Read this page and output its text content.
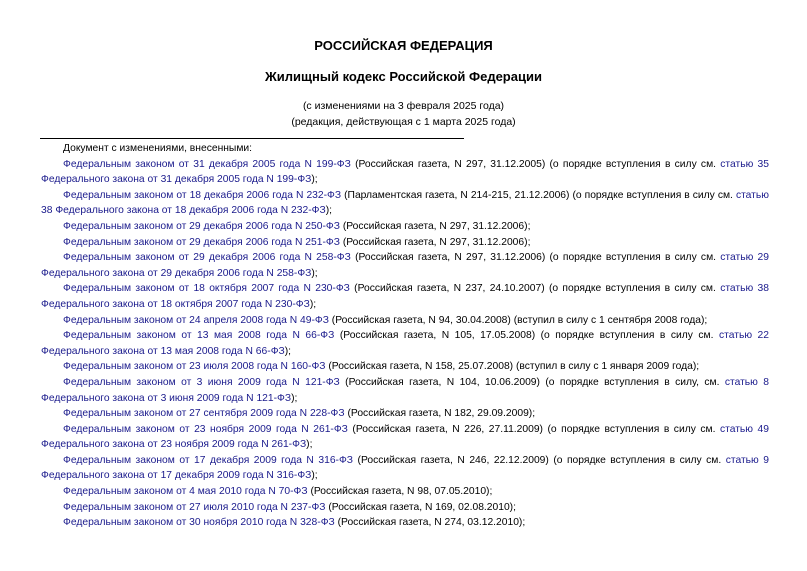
РОССИЙСКАЯ ФЕДЕРАЦИЯ
Жилищный кодекс Российской Федерации
(с изменениями на 3 февраля 2025 года)
(редакция, действующая с 1 марта 2025 года)

Документ с изменениями, внесенными:

Федеральным законом от 31 декабря 2005 года N 199-ФЗ (Российская газета, N 297, 31.12.2005) (о порядке вступления в силу см. статью 35 Федерального закона от 31 декабря 2005 года N 199-ФЗ);

Федеральным законом от 18 декабря 2006 года N 232-ФЗ (Парламентская газета, N 214-215, 21.12.2006) (о порядке вступления в силу см. статью 38 Федерального закона от 18 декабря 2006 года N 232-ФЗ);

Федеральным законом от 29 декабря 2006 года N 250-ФЗ (Российская газета, N 297, 31.12.2006);

Федеральным законом от 29 декабря 2006 года N 251-ФЗ (Российская газета, N 297, 31.12.2006);

Федеральным законом от 29 декабря 2006 года N 258-ФЗ (Российская газета, N 297, 31.12.2006) (о порядке вступления в силу см. статью 29 Федерального закона от 29 декабря 2006 года N 258-ФЗ);

Федеральным законом от 18 октября 2007 года N 230-ФЗ (Российская газета, N 237, 24.10.2007) (о порядке вступления в силу см. статью 38 Федерального закона от 18 октября 2007 года N 230-ФЗ);

Федеральным законом от 24 апреля 2008 года N 49-ФЗ (Российская газета, N 94, 30.04.2008) (вступил в силу с 1 сентября 2008 года);

Федеральным законом от 13 мая 2008 года N 66-ФЗ (Российская газета, N 105, 17.05.2008) (о порядке вступления в силу см. статью 22 Федерального закона от 13 мая 2008 года N 66-ФЗ);

Федеральным законом от 23 июля 2008 года N 160-ФЗ (Российская газета, N 158, 25.07.2008) (вступил в силу с 1 января 2009 года);

Федеральным законом от 3 июня 2009 года N 121-ФЗ (Российская газета, N 104, 10.06.2009) (о порядке вступления в силу, см. статью 8 Федерального закона от 3 июня 2009 года N 121-ФЗ);

Федеральным законом от 27 сентября 2009 года N 228-ФЗ (Российская газета, N 182, 29.09.2009);

Федеральным законом от 23 ноября 2009 года N 261-ФЗ (Российская газета, N 226, 27.11.2009) (о порядке вступления в силу см. статью 49 Федерального закона от 23 ноября 2009 года N 261-ФЗ);

Федеральным законом от 17 декабря 2009 года N 316-ФЗ (Российская газета, N 246, 22.12.2009) (о порядке вступления в силу см. статью 9 Федерального закона от 17 декабря 2009 года N 316-ФЗ);

Федеральным законом от 4 мая 2010 года N 70-ФЗ (Российская газета, N 98, 07.05.2010);

Федеральным законом от 27 июля 2010 года N 237-ФЗ (Российская газета, N 169, 02.08.2010);

Федеральным законом от 30 ноября 2010 года N 328-ФЗ (Российская газета, N 274, 03.12.2010);
